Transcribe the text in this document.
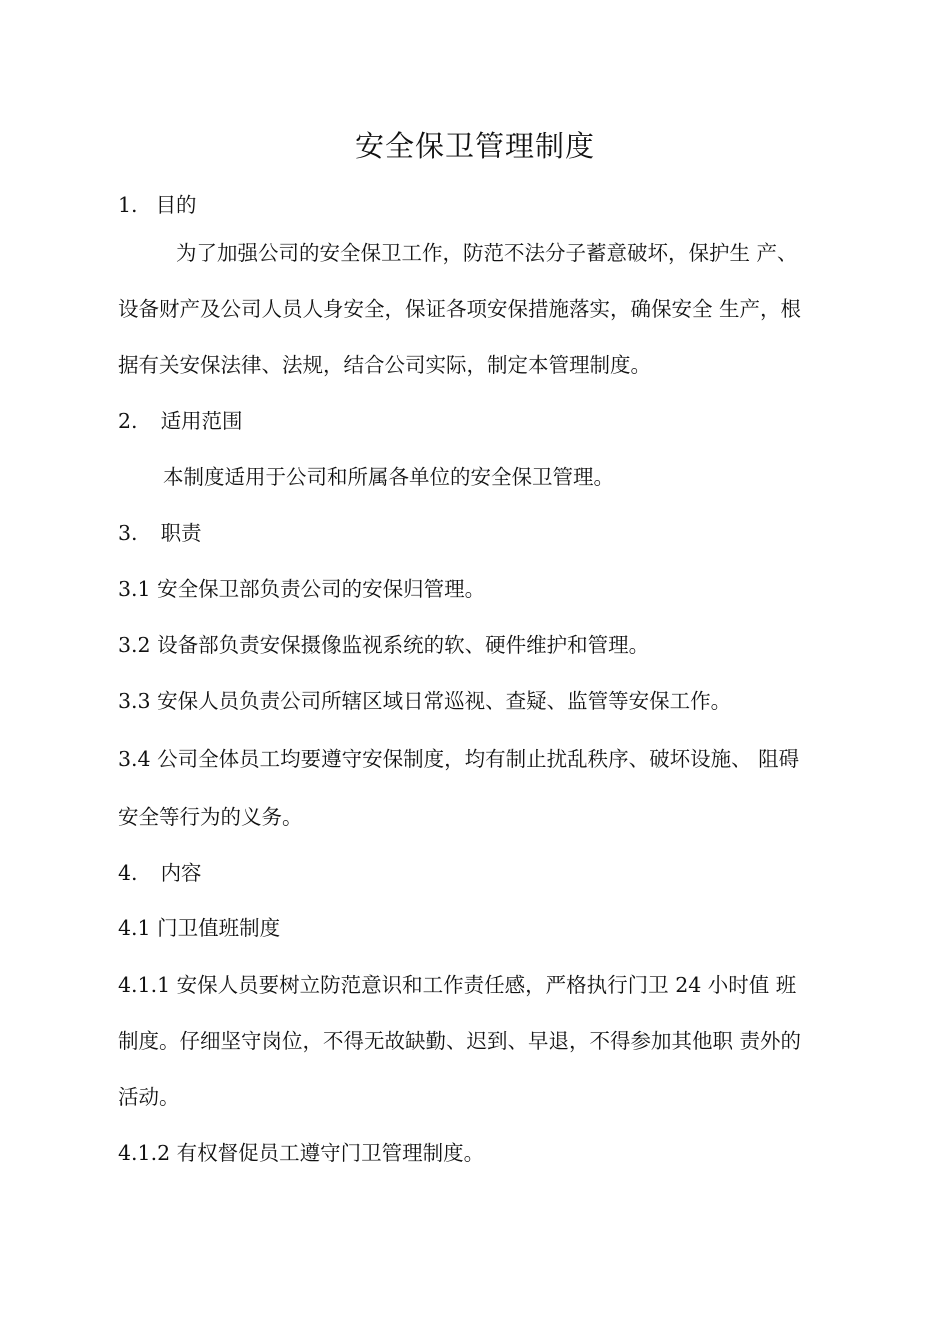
安全保卫管理制度
1. 目的
为了加强公司的安全保卫工作，防范不法分子蓄意破坏，保护生 产、
设备财产及公司人员人身安全，保证各项安保措施落实，确保安全 生产，根
据有关安保法律、法规，结合公司实际，制定本管理制度。
2. 适用范围
本制度适用于公司和所属各单位的安全保卫管理。
3. 职责
3.1 安全保卫部负责公司的安保归管理。
3.2 设备部负责安保摄像监视系统的软、硬件维护和管理。
3.3 安保人员负责公司所辖区域日常巡视、查疑、监管等安保工作。
3.4 公司全体员工均要遵守安保制度，均有制止扰乱秩序、破坏设施、 阻碍
安全等行为的义务。
4. 内容
4.1 门卫值班制度
4.1.1 安保人员要树立防范意识和工作责任感，严格执行门卫 24 小时值 班
制度。仔细坚守岗位，不得无故缺勤、迟到、早退，不得参加其他职 责外的
活动。
4.1.2 有权督促员工遵守门卫管理制度。
